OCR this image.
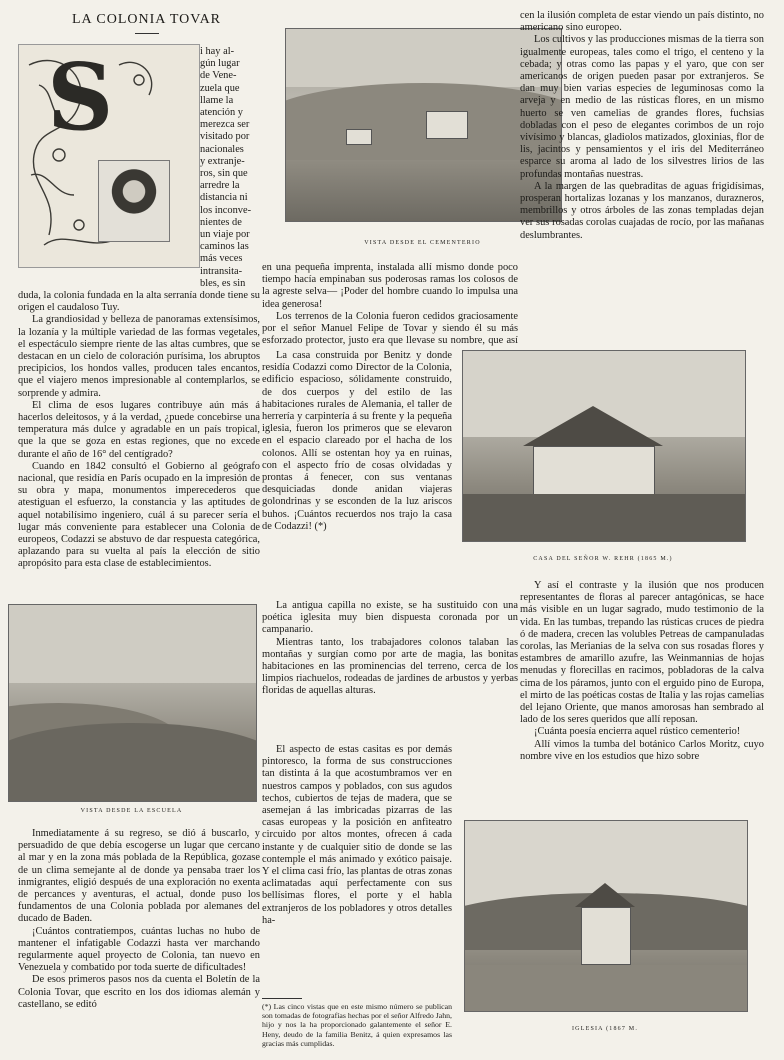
LA COLONIA TOVAR
S	i hay al-
gún lugar
de Vene-
zuela que
llame la
atención y
merezca ser
visitado por
nacionales
y extranje-
ros, sin que
arredre la
distancia ni
los inconve-
nientes de
un viaje por
caminos las
más veces
intransita-
bles, es sin

duda, la colonia fundada en la alta serranía donde tiene su origen el caudaloso Tuy.

La grandiosidad y belleza de panoramas extensísimos, la lozanía y la múltiple variedad de las formas vegetales, el espectáculo siempre riente de las altas cumbres, que se destacan en un cielo de coloración purísima, los abruptos precipicios, los hondos valles, producen tales encantos, que el viajero menos impresionable al contemplarlos, se sorprende y admira.

El clima de esos lugares contribuye aún más á hacerlos deleitosos, y á la verdad, ¿puede concebirse una temperatura más dulce y agradable en un país tropical, que la que se goza en estas regiones, que no excede durante el año de 16° del centígrado?

Cuando en 1842 consultó el Gobierno al geógrafo nacional, que residía en París ocupado en la impresión de su obra y mapa, monumentos imperecederos que atestiguan el esfuerzo, la constancia y las aptitudes de aquel notabilísimo ingeniero, cuál á su parecer sería el lugar más conveniente para establecer una Colonia de europeos, Codazzi se abstuvo de dar respuesta categórica, aplazando para su vuelta al país la elección de sitio apropósito para esta clase de establecimientos.

VISTA DESDE LA ESCUELA

Inmediatamente á su regreso, se dió á buscarlo, y persuadido de que debía escogerse un lugar que cercano al mar y en la zona más poblada de la República, gozase de un clima semejante al de donde ya pensaba traer los inmigrantes, eligió después de una exploración no exenta de percances y aventuras, el actual, donde puso los fundamentos de una Colonia poblada por alemanes del ducado de Baden.

¡Cuántos contratiempos, cuántas luchas no hubo de mantener el infatigable Codazzi hasta ver marchando regularmente aquel proyecto de Colonia, tan nuevo en Venezuela y combatido por toda suerte de dificultades!

De esos primeros pasos nos da cuenta el Boletín de la Colonia Tovar, que escrito en los dos idiomas alemán y castellano, se editó

VISTA DESDE EL CEMENTERIO

en una pequeña imprenta, instalada allí mismo donde poco tiempo hacía empinaban sus poderosas ramas los colosos de la agreste selva— ¡Poder del hombre cuando lo impulsa una idea generosa!

Los terrenos de la Colonia fueron cedidos graciosamente por el señor Manuel Felipe de Tovar y siendo él su más esforzado protector, justo era que llevase su nombre, que así

La casa construida por Benitz y donde residía Codazzi como Director de la Colonia, edificio espacioso, sólidamente construido, de dos cuerpos y del estilo de las habitaciones rurales de Alemania, el taller de herrería y carpintería á su frente y la pequeña iglesia, fueron los primeros que se elevaron en el espacio clareado por el hacha de los colonos. Allí se ostentan hoy ya en ruinas, con el aspecto frío de cosas olvidadas y prontas á fenecer, con sus ventanas desquiciadas donde anidan viajeras golondrinas y se esconden de la luz ariscos buhos. ¡Cuántos recuerdos nos trajo la casa de Codazzi! (*)

La antigua capilla no existe, se ha sustituido con una poética iglesita muy bien dispuesta coronada por un campanario.

Mientras tanto, los trabajadores colonos talaban las montañas y surgían como por arte de magia, las bonitas habitaciones en las prominencias del terreno, cerca de los limpios riachuelos, rodeadas de jardines de arbustos y yerbas floridas de aquellas alturas.

El aspecto de estas casitas es por demás pintoresco, la forma de sus construcciones tan distinta á la que acostumbramos ver en nuestros campos y poblados, con sus agudos techos, cubiertos de tejas de madera, que se asemejan á las imbricadas pizarras de las casas europeas y la posición en anfiteatro circuido por altos montes, ofrecen á cada instante y de cualquier sitio de donde se las contemple el más animado y exótico paisaje. Y el clima casi frío, las plantas de otras zonas aclimatadas aquí perfectamente con sus bellísimas flores, el porte y el habla extranjeros de los pobladores y otros detalles ha-

(*) Las cinco vistas que en este mismo número se publican son tomadas de fotografías hechas por el señor Alfredo Jahn, hijo y nos la ha proporcionado galantemente el señor E. Heny, deudo de la familia Benitz, á quien expresamos las gracias más cumplidas.

cen la ilusión completa de estar viendo un país distinto, no americano sino europeo.

Los cultivos y las producciones mismas de la tierra son igualmente europeas, tales como el trigo, el centeno y la cebada; y otras como las papas y el yaro, que con ser americanos de origen pueden pasar por extranjeros. Se dan muy bien varias especies de leguminosas como la arveja y en medio de las rústicas flores, en un mismo huerto se ven camelias de grandes flores, fuchsias dobladas con el peso de elegantes corimbos de un rojo vivísimo y blancas, gladiolos matizados, gloxinias, flor de lis, jacintos y pensamientos y el iris del Mediterráneo esparce su aroma al lado de los silvestres lirios de las profundas montañas nuestras.

A la margen de las quebraditas de aguas frigidísimas, prosperan hortalizas lozanas y los manzanos, durazneros, membrillos y otros árboles de las zonas templadas dejan ver sus rosadas corolas cuajadas de rocío, por las mañanas deslumbrantes.

CASA DEL SEÑOR W. REHR (1865 M.)

Y así el contraste y la ilusión que nos producen representantes de floras al parecer antagónicas, se hace más visible en un lugar sagrado, mudo testimonio de la vida. En las tumbas, trepando las rústicas cruces de piedra ó de madera, crecen las volubles Petreas de campanuladas corolas, las Merianias de la selva con sus rosadas flores y estambres de amarillo azufre, las Weinmannias de hojas menudas y florecillas en racimos, pobladoras de la calva cima de los páramos, junto con el erguido pino de Europa, el mirto de las poéticas costas de Italia y las rojas camelias del lejano Oriente, que manos amorosas han sembrado al lado de los seres queridos que allí reposan.

¡Cuánta poesía encierra aquel rústico cementerio!

Allí vimos la tumba del botánico Carlos Moritz, cuyo nombre vive en los estudios que hizo sobre

IGLESIA (1867 M.
